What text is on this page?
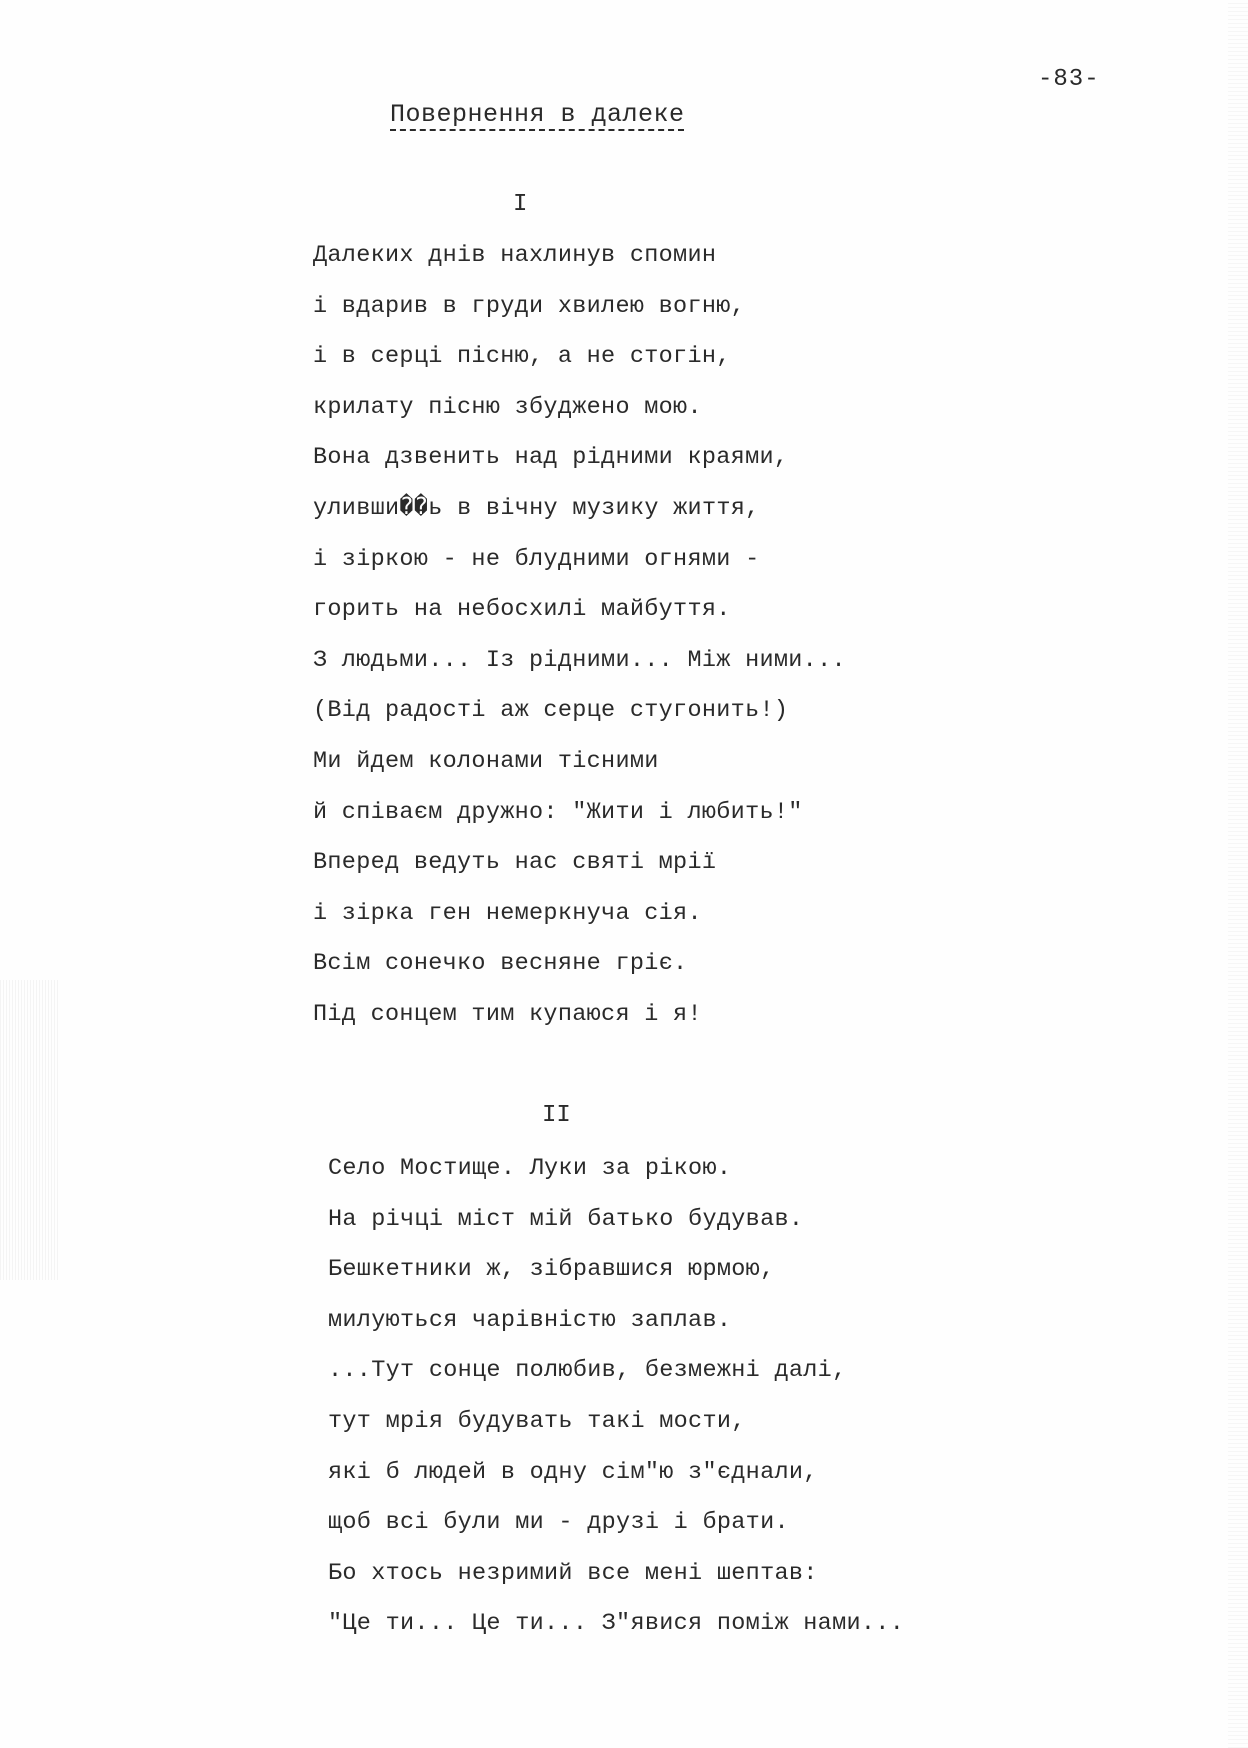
-83-
Повернення в далеке
I
Далеких днів нахлинув спомин
і вдарив в груди хвилею вогню,
і в серці пісню, а не стогін,
крилату пісню збуджено мою.
Вона дзвенить над рідними краями,
уливши��ь в вічну музику життя,
і зіркою - не блудними огнями -
горить на небосхилі майбуття.
З людьми... Із рідними... Між ними...
(Від радості аж серце стугонить!)
Ми йдем колонами тісними
й співаєм дружно: "Жити і любить!"
Вперед ведуть нас святі мрії
і зірка ген немеркнуча сія.
Всім сонечко весняне гріє.
Під сонцем тим купаюся і я!
II
Село Мостище. Луки за рікою.
На річці міст мій батько будував.
Бешкетники ж, зібравшися юрмою,
милуються чарівністю заплав.
...Тут сонце полюбив, безмежні далі,
тут мрія будувать такі мости,
які б людей в одну сім"ю з"єднали,
щоб всі були ми - друзі і брати.
Бо хтось незримий все мені шептав:
"Це ти... Це ти... З"явися поміж нами...
